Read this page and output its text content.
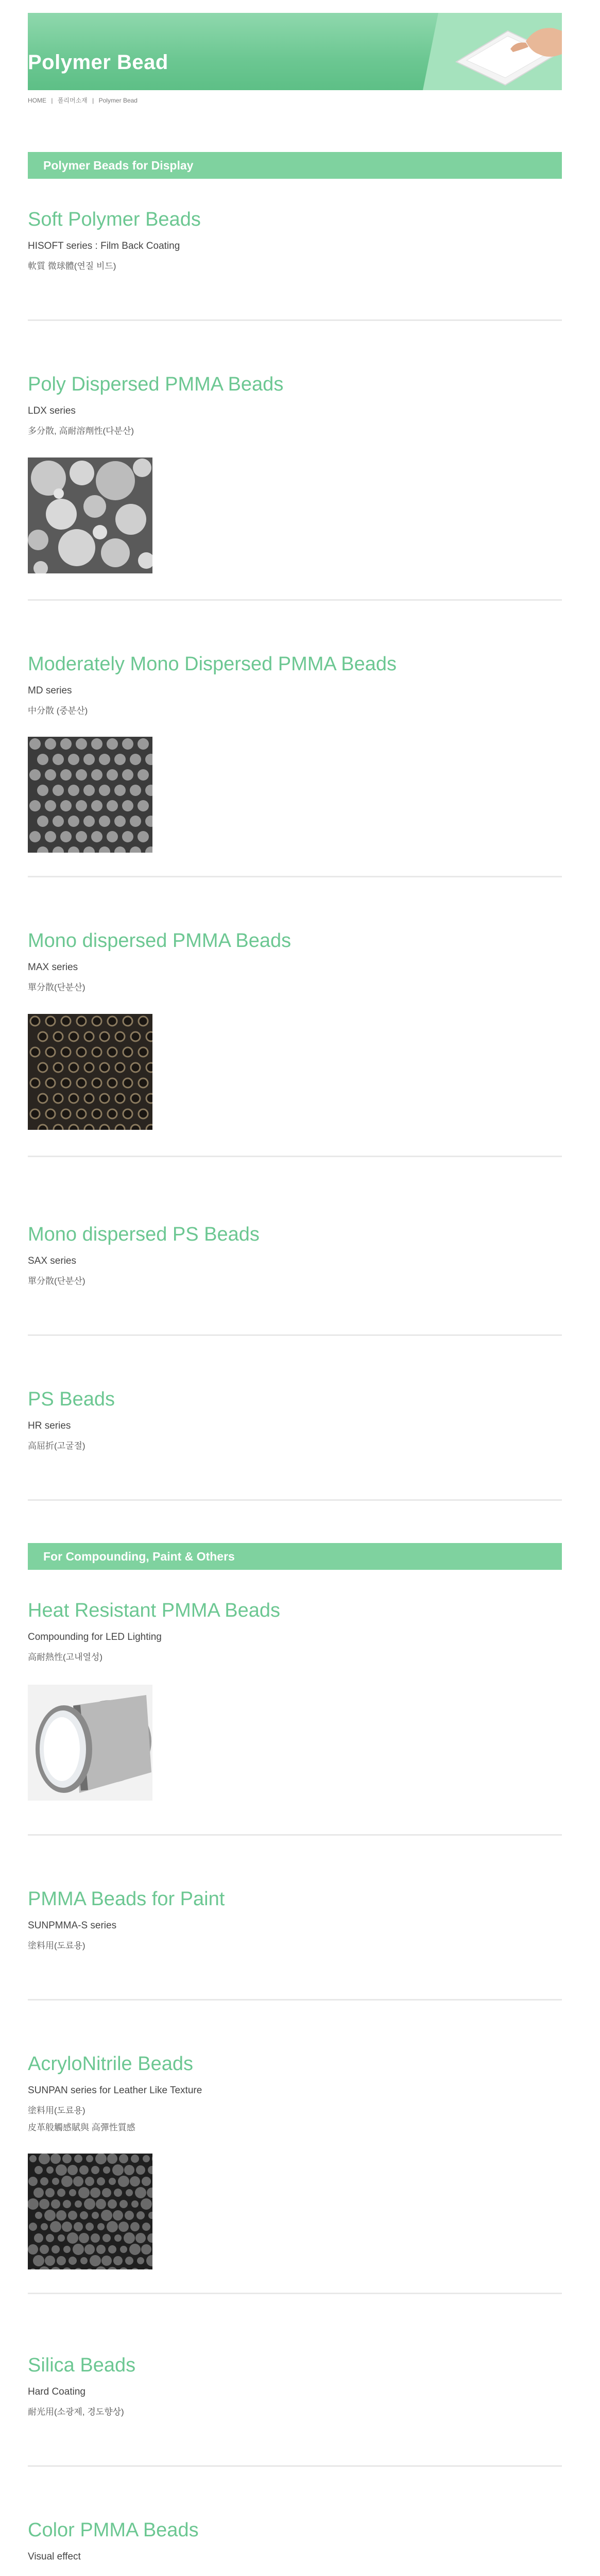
Polymer Bead
HOME | 폴리머소재 | Polymer Bead
Polymer Beads for Display
Soft Polymer Beads
HISOFT series : Film Back Coating
軟質 微球體(연질 비드)
Poly Dispersed PMMA Beads
LDX series
多分散, 高耐溶劑性(다분산)
Moderately Mono Dispersed PMMA Beads
MD series
中分散 (중분산)
Mono dispersed PMMA Beads
MAX series
單分散(단분산)
Mono dispersed PS Beads
SAX series
單分散(단분산)
PS Beads
HR series
高屈折(고굴절)
For Compounding, Paint & Others
Heat Resistant PMMA Beads
Compounding for LED Lighting
高耐熱性(고내열성)
PMMA Beads for Paint
SUNPMMA-S series
塗料用(도료용)
AcryloNitrile Beads
SUNPAN series for Leather Like Texture
塗料用(도료용)
皮革般觸感賦與 高彈性質感
Silica Beads
Hard Coating
耐光用(소광제, 경도향상)
Color PMMA Beads
Visual effect
